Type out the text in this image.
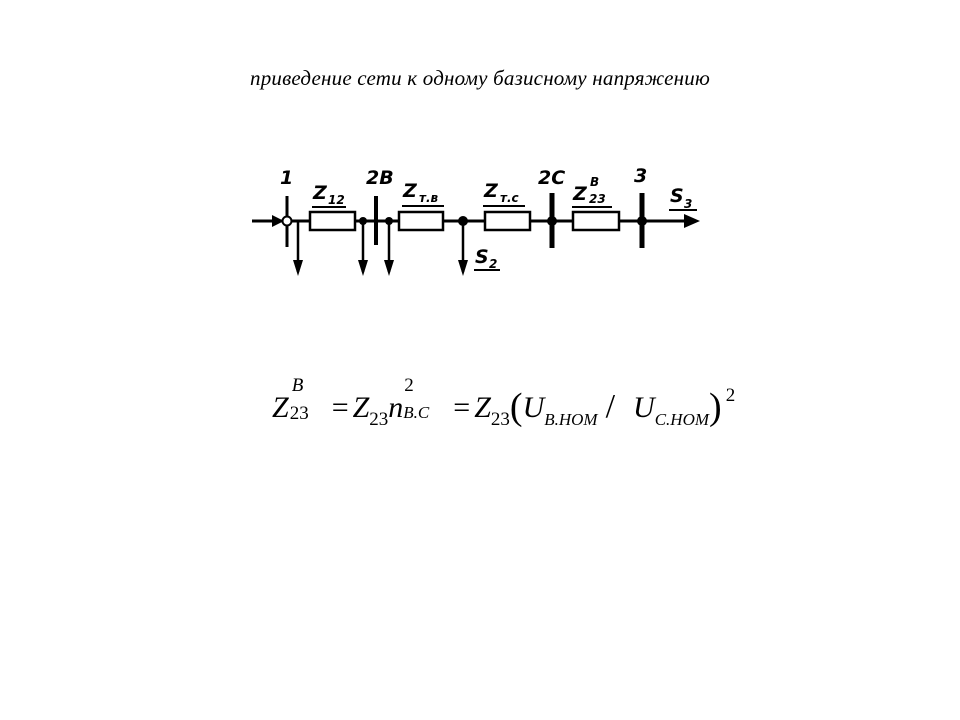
приведение сети к одному базисному напряжению
1	2B	2C	3
Z 12	Z т.в Z т.с	Z
B
23
S 2
S 3
Z
B
$23 = Z_{23}n$
2
$B.C = Z_{23}(U_{B.HOM} / U_{C.HOM})$ $^2$
